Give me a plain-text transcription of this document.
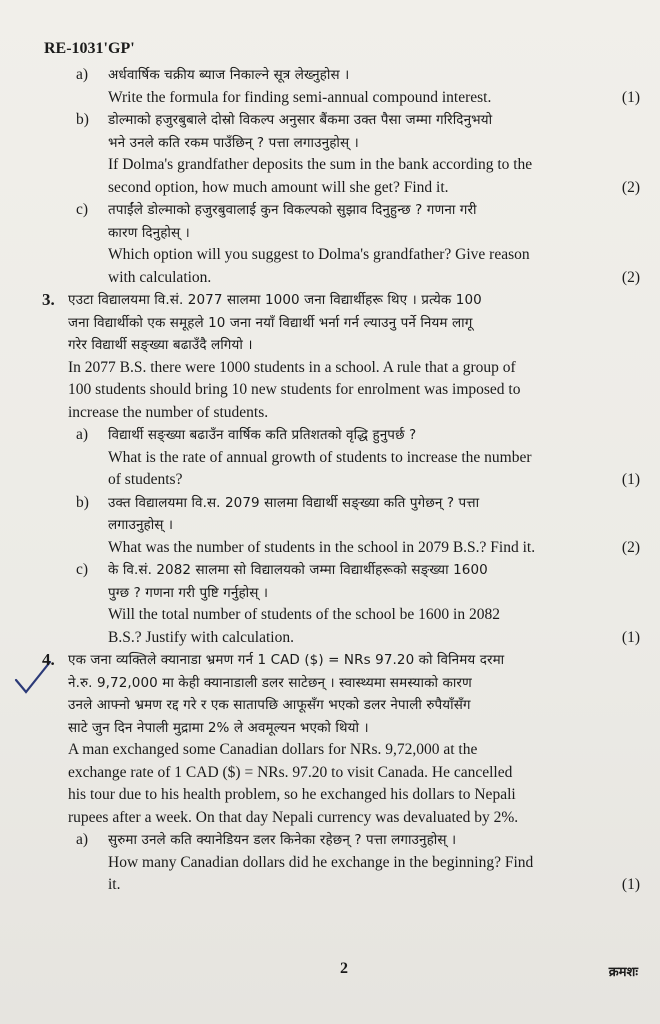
RE-1031'GP'
a) अर्धवार्षिक चक्रीय ब्याज निकाल्ने सूत्र लेख्नुहोस ।

Write the formula for finding semi-annual compound interest.	(1)

b) डोल्माको हजुरबुबाले दोस्रो विकल्प अनुसार बैंकमा उक्त पैसा जम्मा गरिदिनुभयो

भने उनले कति रकम पाउँछिन् ? पत्ता लगाउनुहोस् ।

If Dolma's grandfather deposits the sum in the bank according to the

second option, how much amount will she get? Find it.	(2)

c) तपाईंले डोल्माको हजुरबुवालाई कुन विकल्पको सुझाव दिनुहुन्छ ? गणना गरी

कारण दिनुहोस् ।

Which option will you suggest to Dolma's grandfather? Give reason

with calculation.	(2)

3. एउटा विद्यालयमा वि.सं. 2077 सालमा 1000 जना विद्यार्थीहरू थिए । प्रत्येक 100

जना विद्यार्थीको एक समूहले 10 जना नयाँ विद्यार्थी भर्ना गर्न ल्याउनु पर्ने नियम लागू

गरेर विद्यार्थी सङ्ख्या बढाउँदै लगियो ।

In 2077 B.S. there were 1000 students in a school. A rule that a group of

100 students should bring 10 new students for enrolment was imposed to

increase the number of students.

a) विद्यार्थी सङ्ख्या बढाउँन वार्षिक कति प्रतिशतको वृद्धि हुनुपर्छ ?

What is the rate of annual growth of students to increase the number

of students?	(1)

b) उक्त विद्यालयमा वि.स. 2079 सालमा विद्यार्थी सङ्ख्या कति पुगेछन् ? पत्ता

लगाउनुहोस् ।

What was the number of students in the school in 2079 B.S.? Find it.	(2)

c) के वि.सं. 2082 सालमा सो विद्यालयको जम्मा विद्यार्थीहरूको सङ्ख्या 1600

पुग्छ ? गणना गरी पुष्टि गर्नुहोस् ।

Will the total number of students of the school be 1600 in 2082

B.S.? Justify with calculation.	(1)

4. एक जना व्यक्तिले क्यानाडा भ्रमण गर्न 1 CAD ($) = NRs 97.20 को विनिमय दरमा

ने.रु. 9,72,000 मा केही क्यानाडाली डलर साटेछन् । स्वास्थ्यमा समस्याको कारण

उनले आफ्नो भ्रमण रद्द गरे र एक सातापछि आफूसँग भएको डलर नेपाली रुपैयाँसँग

साटे जुन दिन नेपाली मुद्रामा 2% ले अवमूल्यन भएको थियो ।

A man exchanged some Canadian dollars for NRs. 9,72,000 at the

exchange rate of 1 CAD ($) = NRs. 97.20 to visit Canada. He cancelled

his tour due to his health problem, so he exchanged his dollars to Nepali

rupees after a week. On that day Nepali currency was devaluated by 2%.

a) सुरुमा उनले कति क्यानेडियन डलर किनेका रहेछन् ? पत्ता लगाउनुहोस् ।

How many Canadian dollars did he exchange in the beginning? Find

it.	(1)

2	क्रमशः
